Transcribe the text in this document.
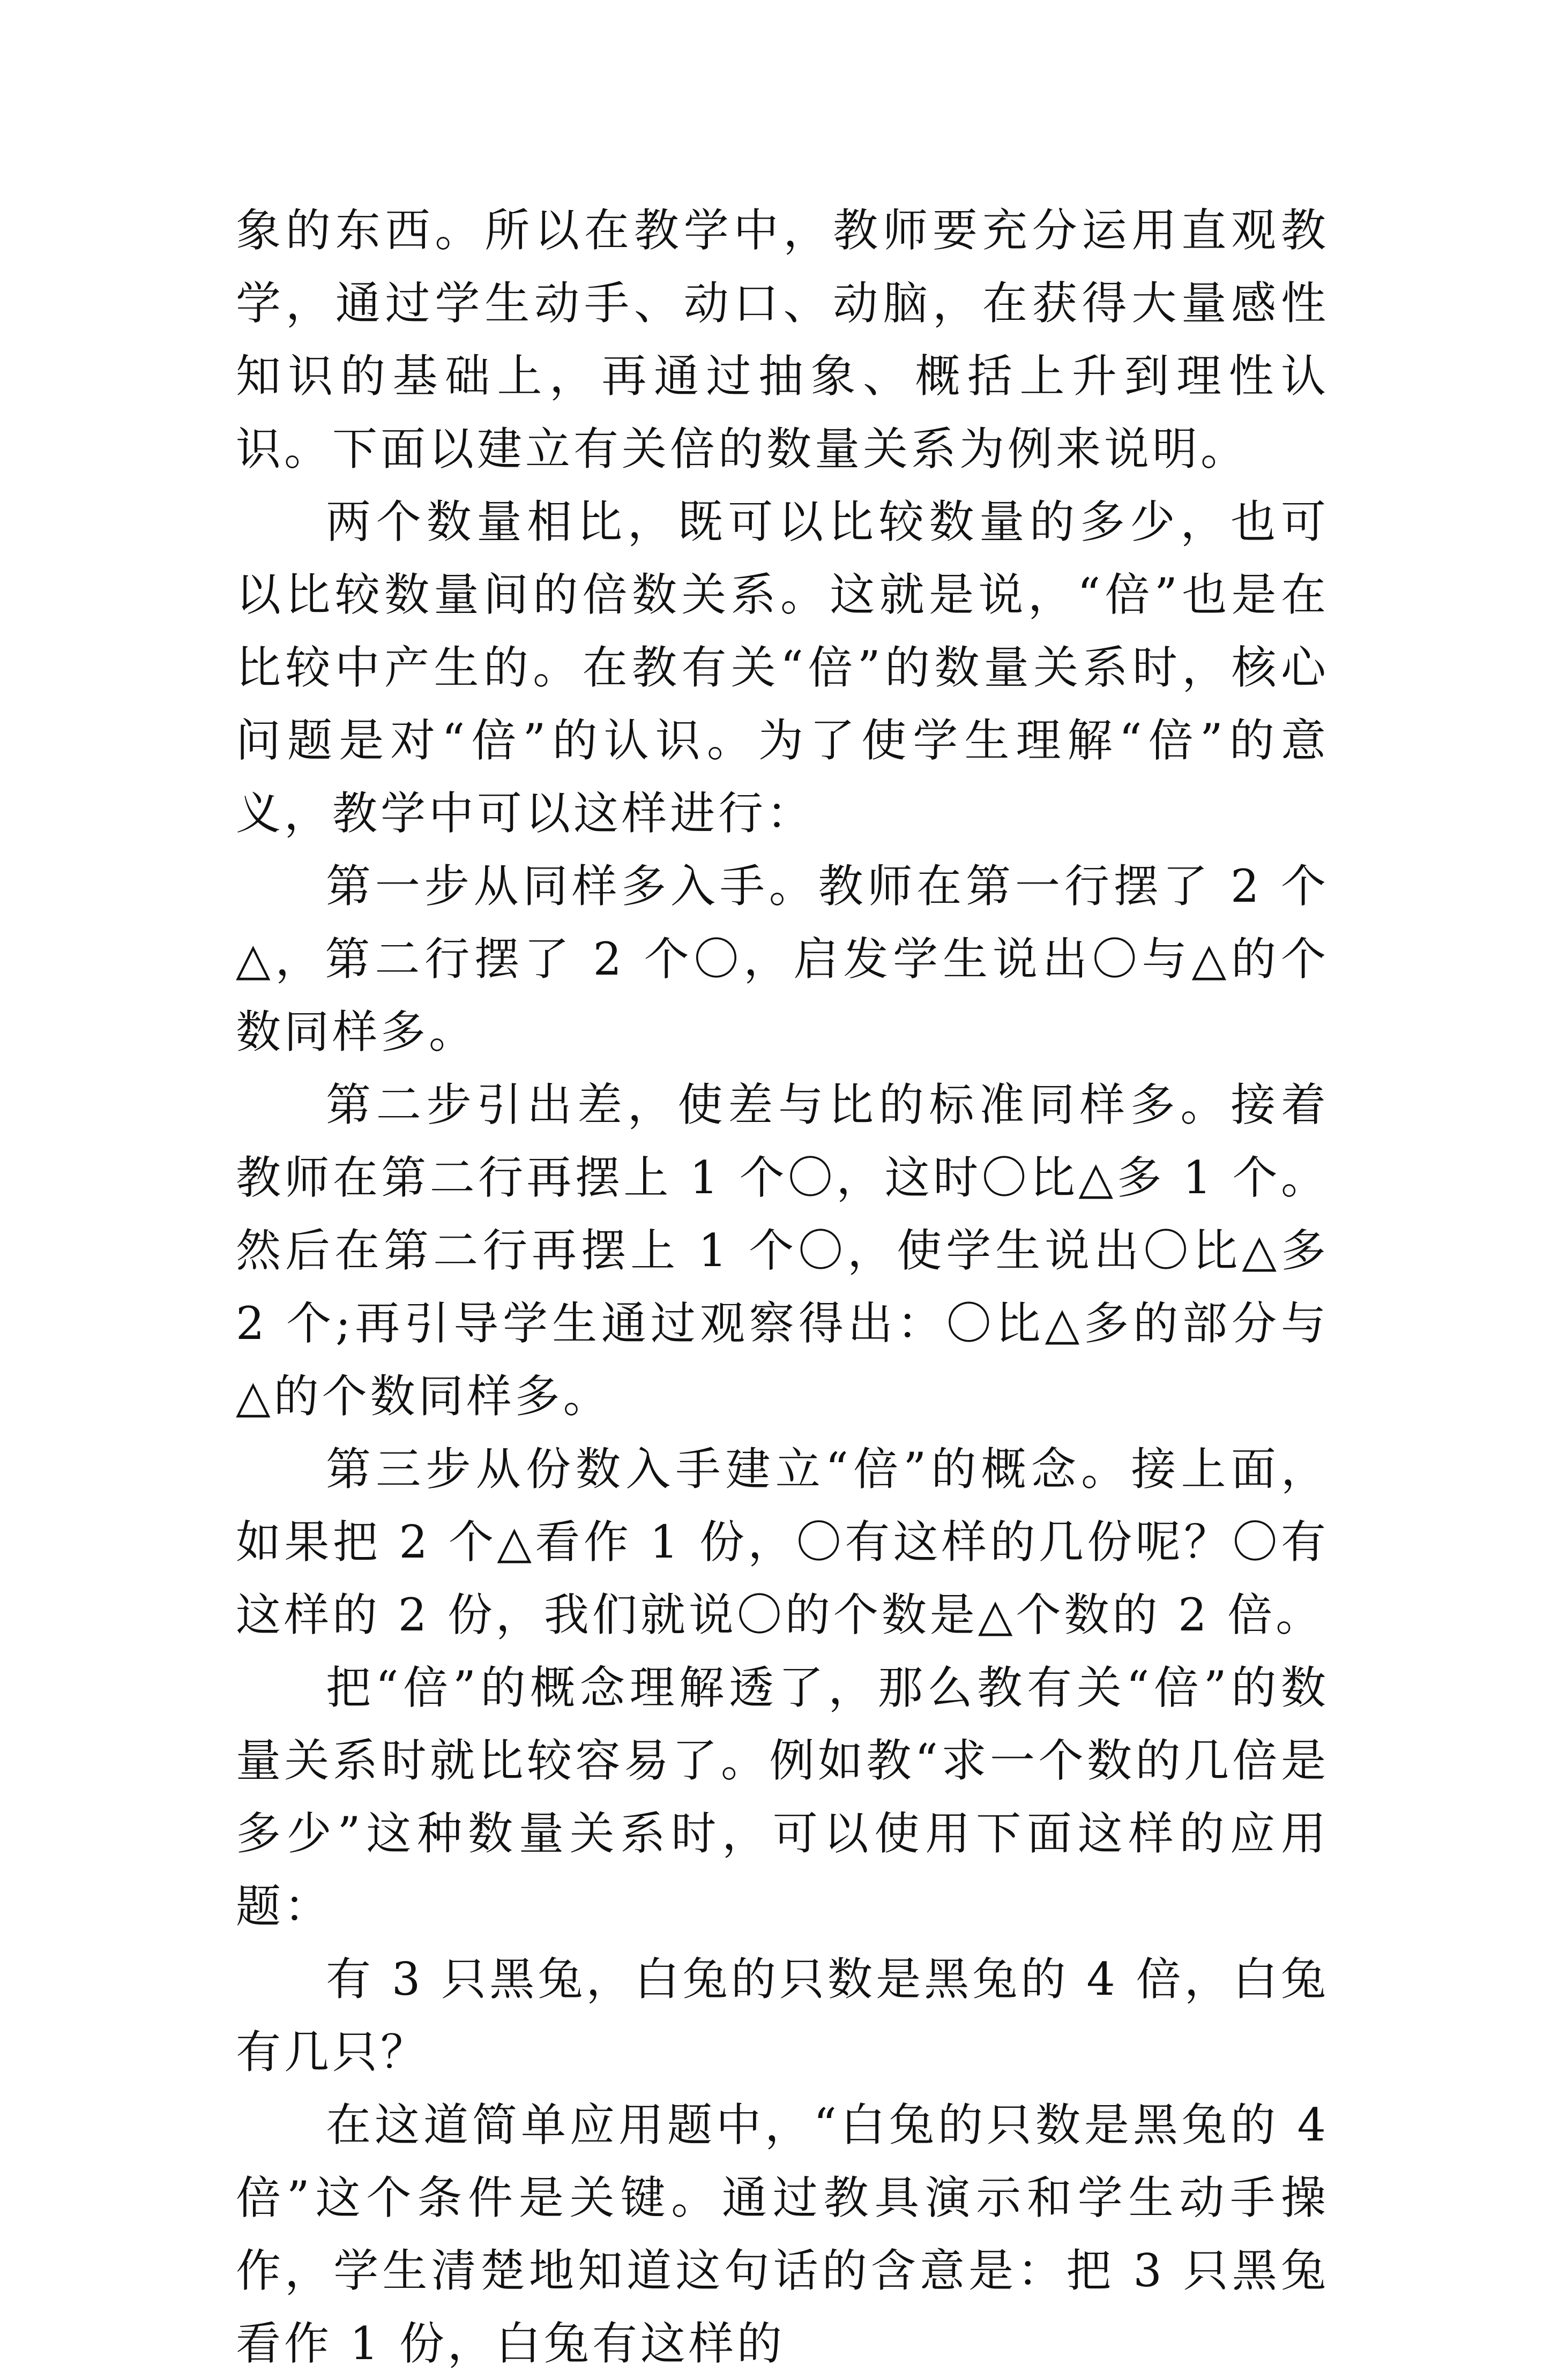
象的东西。所以在教学中，教师要充分运用直观教学，通过学生动手、动口、动脑，在获得大量感性知识的基础上，再通过抽象、概括上升到理性认识。下面以建立有关倍的数量关系为例来说明。

两个数量相比，既可以比较数量的多少，也可以比较数量间的倍数关系。这就是说，“倍”也是在比较中产生的。在教有关“倍”的数量关系时，核心问题是对“倍”的认识。为了使学生理解“倍”的意义，教学中可以这样进行：

第一步从同样多入手。教师在第一行摆了 2 个△，第二行摆了 2 个〇，启发学生说出〇与△的个数同样多。

第二步引出差，使差与比的标准同样多。接着教师在第二行再摆上 1 个〇，这时〇比△多 1 个。然后在第二行再摆上 1 个〇，使学生说出〇比△多 2 个;再引导学生通过观察得出：〇比△多的部分与△的个数同样多。

第三步从份数入手建立“倍”的概念。接上面，如果把 2 个△看作 1 份，〇有这样的几份呢？〇有这样的 2 份，我们就说〇的个数是△个数的 2 倍。

把“倍”的概念理解透了，那么教有关“倍”的数量关系时就比较容易了。例如教“求一个数的几倍是多少”这种数量关系时，可以使用下面这样的应用题：

有 3 只黑兔，白兔的只数是黑兔的 4 倍，白兔有几只？

在这道简单应用题中，“白兔的只数是黑兔的 4 倍”这个条件是关键。通过教具演示和学生动手操作，学生清楚地知道这句话的含意是：把 3 只黑兔看作 1 份，白兔有这样的
